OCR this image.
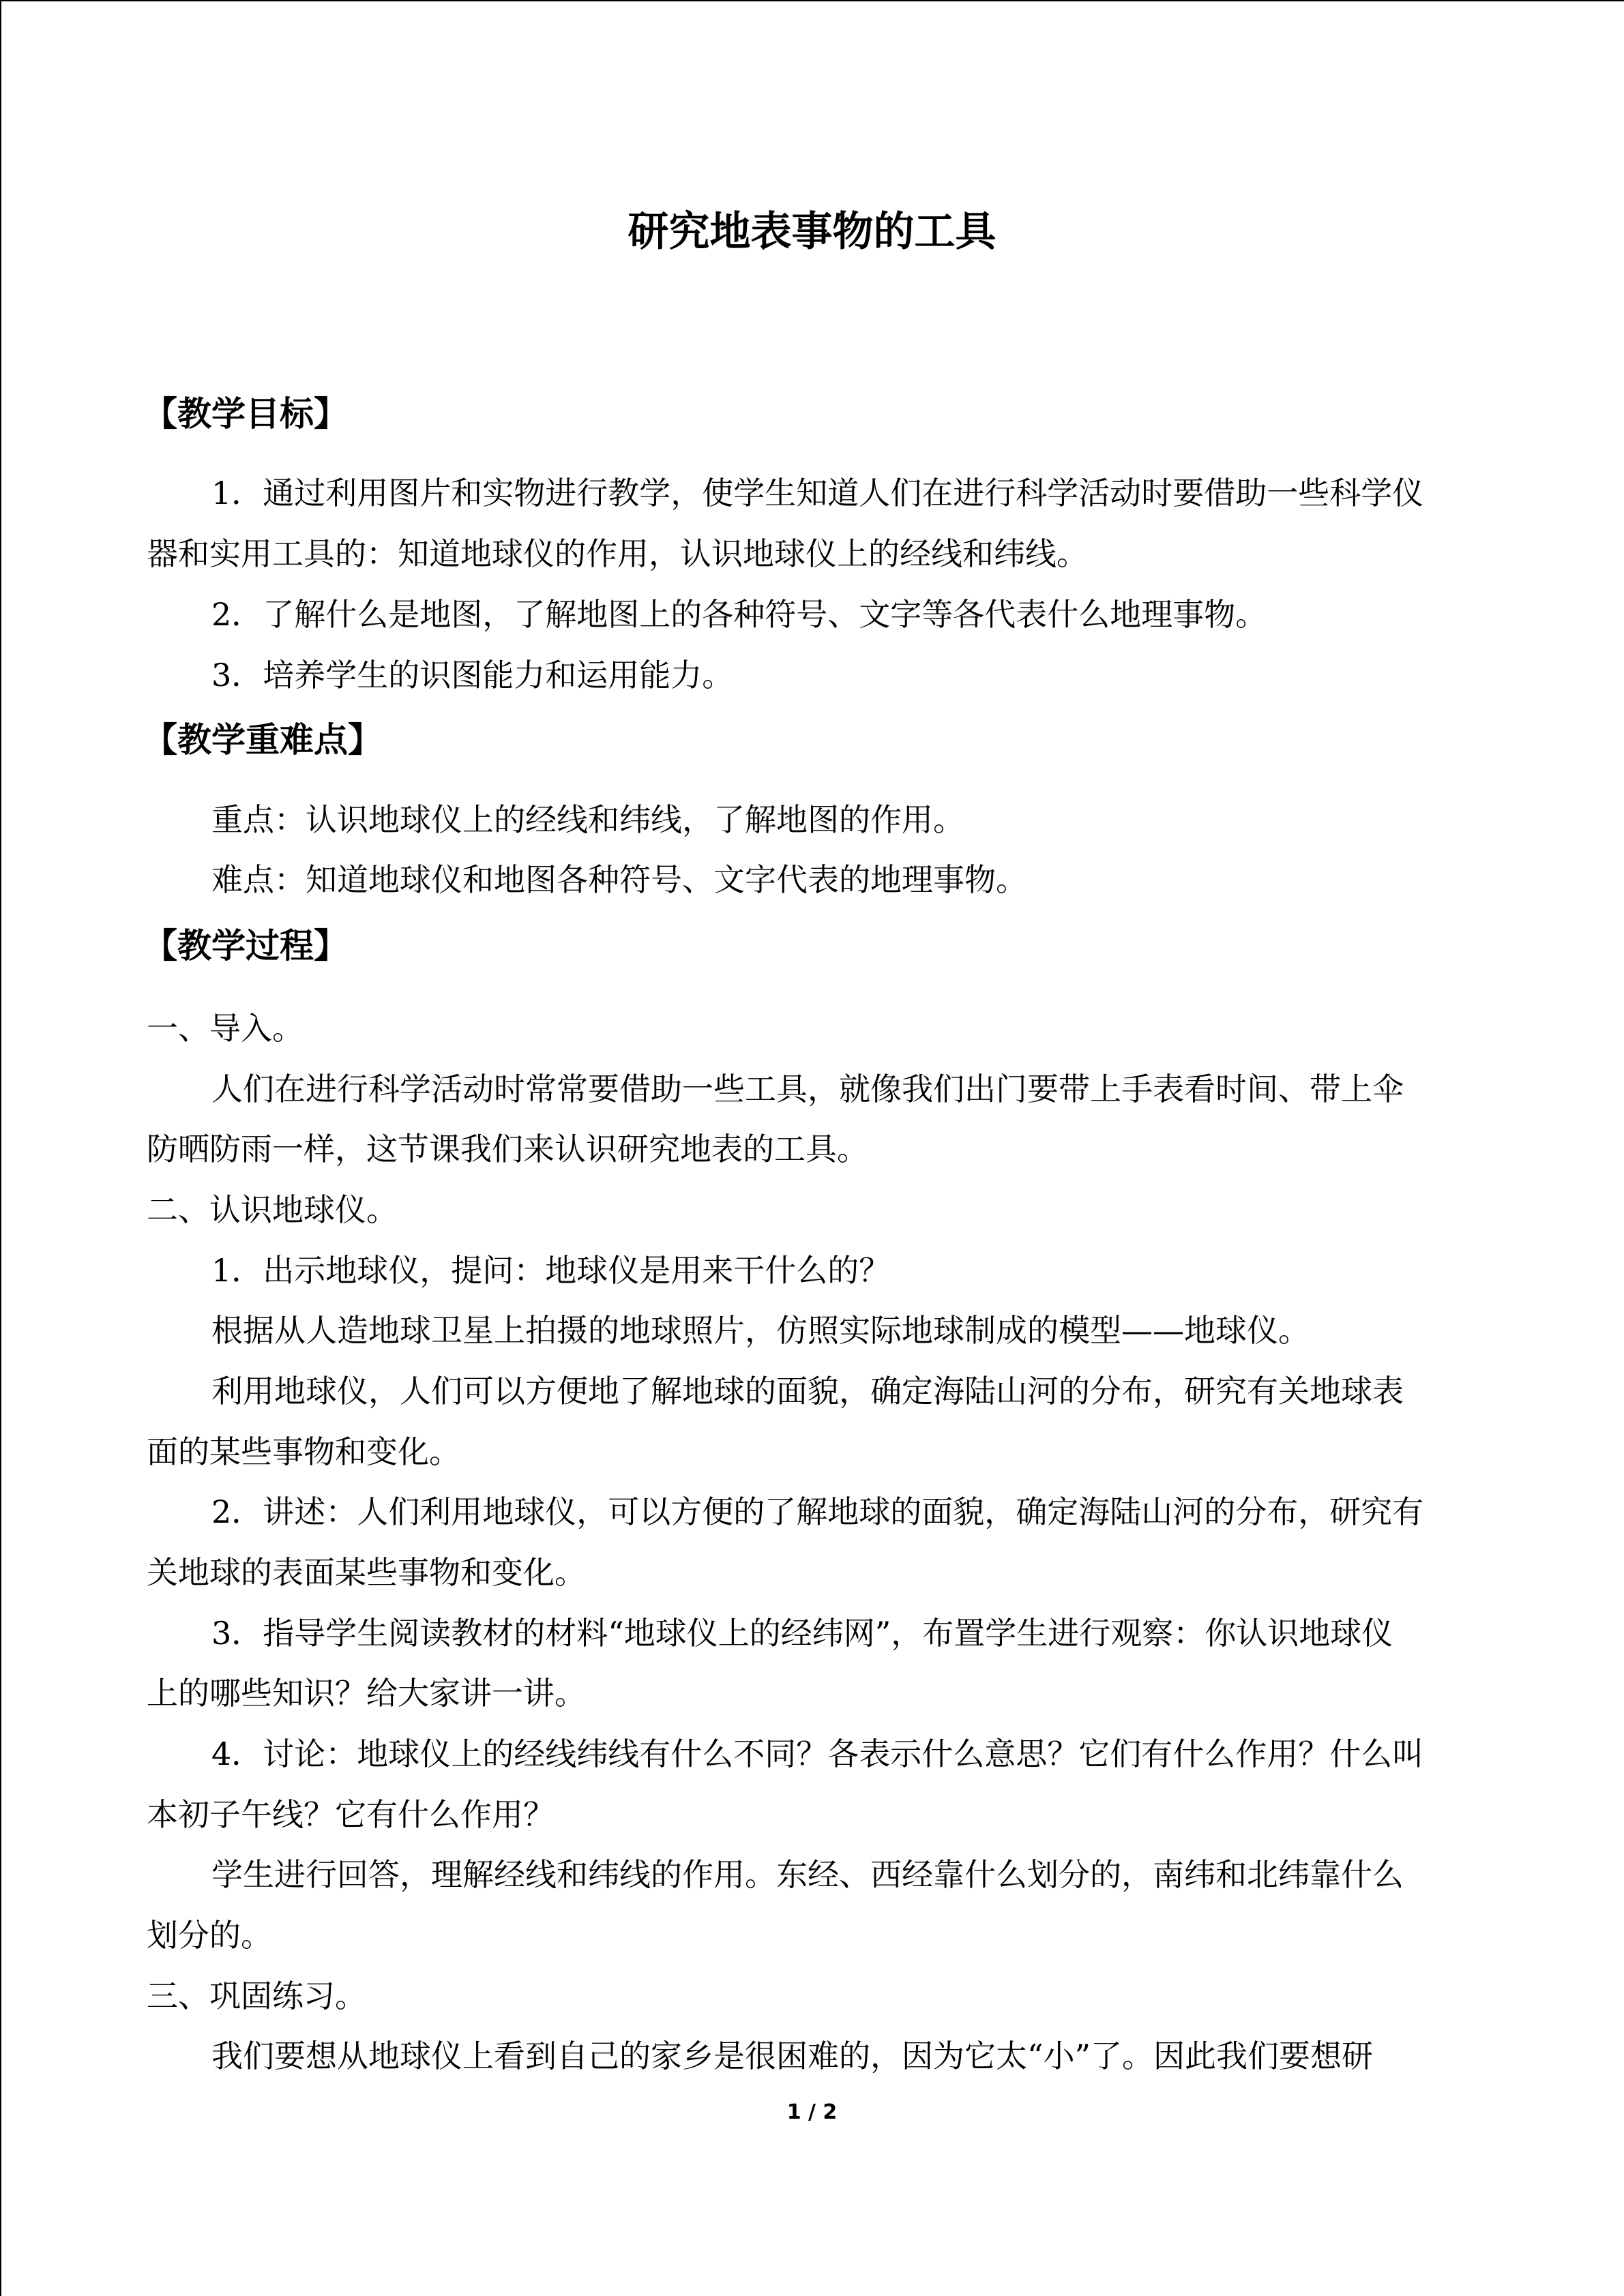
研究地表事物的工具
【教学目标】
1．通过利用图片和实物进行教学，使学生知道人们在进行科学活动时要借助一些科学仪
器和实用工具的：知道地球仪的作用，认识地球仪上的经线和纬线。
2．了解什么是地图，了解地图上的各种符号、文字等各代表什么地理事物。
3．培养学生的识图能力和运用能力。
【教学重难点】
重点：认识地球仪上的经线和纬线，了解地图的作用。
难点：知道地球仪和地图各种符号、文字代表的地理事物。
【教学过程】
一、导入。
人们在进行科学活动时常常要借助一些工具，就像我们出门要带上手表看时间、带上伞
防晒防雨一样，这节课我们来认识研究地表的工具。
二、认识地球仪。
1．出示地球仪，提问：地球仪是用来干什么的？
根据从人造地球卫星上拍摄的地球照片，仿照实际地球制成的模型——地球仪。
利用地球仪，人们可以方便地了解地球的面貌，确定海陆山河的分布，研究有关地球表
面的某些事物和变化。
2．讲述：人们利用地球仪，可以方便的了解地球的面貌，确定海陆山河的分布，研究有
关地球的表面某些事物和变化。
3．指导学生阅读教材的材料“地球仪上的经纬网”，布置学生进行观察：你认识地球仪
上的哪些知识？给大家讲一讲。
4．讨论：地球仪上的经线纬线有什么不同？各表示什么意思？它们有什么作用？什么叫
本初子午线？它有什么作用？
学生进行回答，理解经线和纬线的作用。东经、西经靠什么划分的，南纬和北纬靠什么
划分的。
三、巩固练习。
我们要想从地球仪上看到自己的家乡是很困难的，因为它太“小”了。因此我们要想研
1 / 2
